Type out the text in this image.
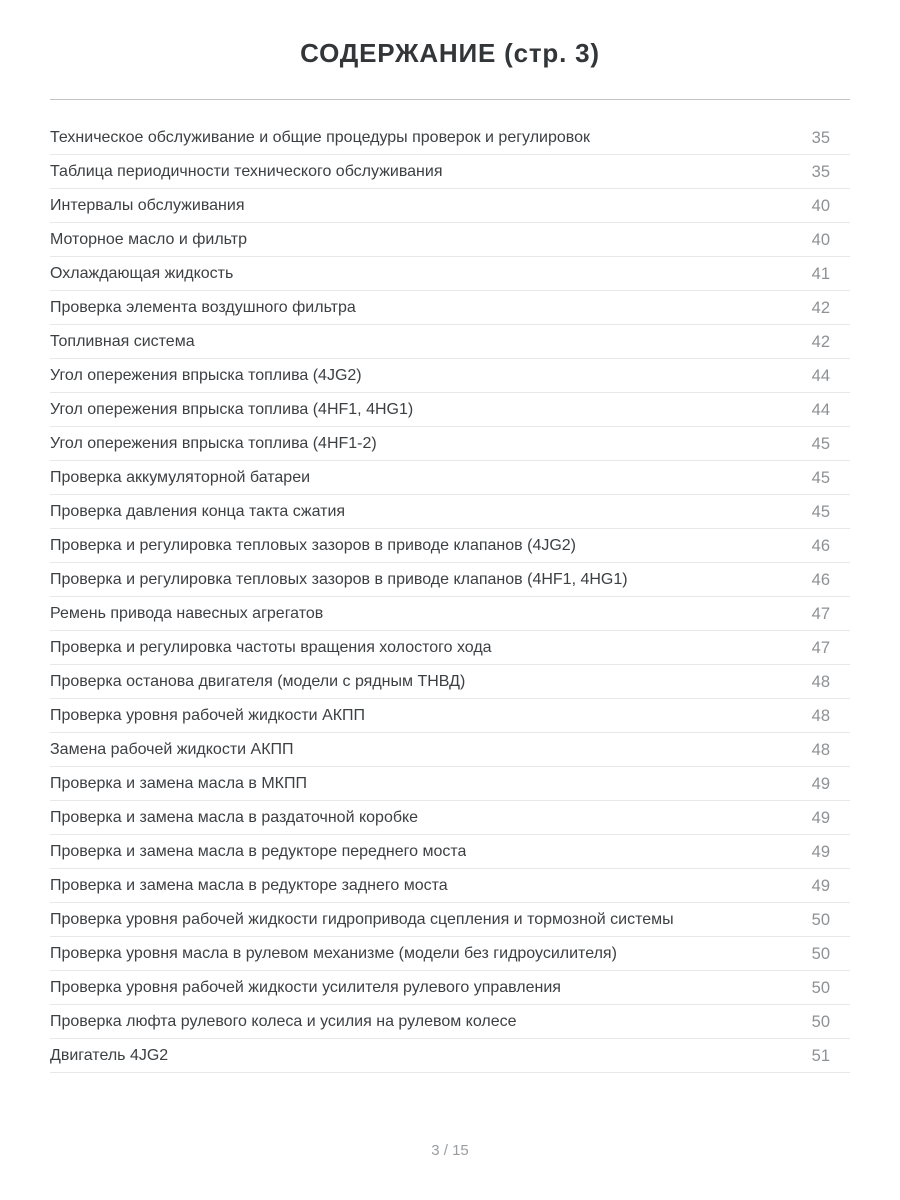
СОДЕРЖАНИЕ (стр. 3)
Техническое обслуживание и общие процедуры проверок и регулировок	35
Таблица периодичности технического обслуживания	35
Интервалы обслуживания	40
Моторное масло и фильтр	40
Охлаждающая жидкость	41
Проверка элемента воздушного фильтра	42
Топливная система	42
Угол опережения впрыска топлива (4JG2)	44
Угол опережения впрыска топлива (4HF1, 4HG1)	44
Угол опережения впрыска топлива (4HF1-2)	45
Проверка аккумуляторной батареи	45
Проверка давления конца такта сжатия	45
Проверка и регулировка тепловых зазоров в приводе клапанов (4JG2)	46
Проверка и регулировка тепловых зазоров в приводе клапанов (4HF1, 4HG1)	46
Ремень привода навесных агрегатов	47
Проверка и регулировка частоты вращения холостого хода	47
Проверка останова двигателя (модели с рядным ТНВД)	48
Проверка уровня рабочей жидкости АКПП	48
Замена рабочей жидкости АКПП	48
Проверка и замена масла в МКПП	49
Проверка и замена масла в раздаточной коробке	49
Проверка и замена масла в редукторе переднего моста	49
Проверка и замена масла в редукторе заднего моста	49
Проверка уровня рабочей жидкости гидропривода сцепления и тормозной системы	50
Проверка уровня масла в рулевом механизме (модели без гидроусилителя)	50
Проверка уровня рабочей жидкости усилителя рулевого управления	50
Проверка люфта рулевого колеса и усилия на рулевом колесе	50
Двигатель 4JG2	51
3 / 15
